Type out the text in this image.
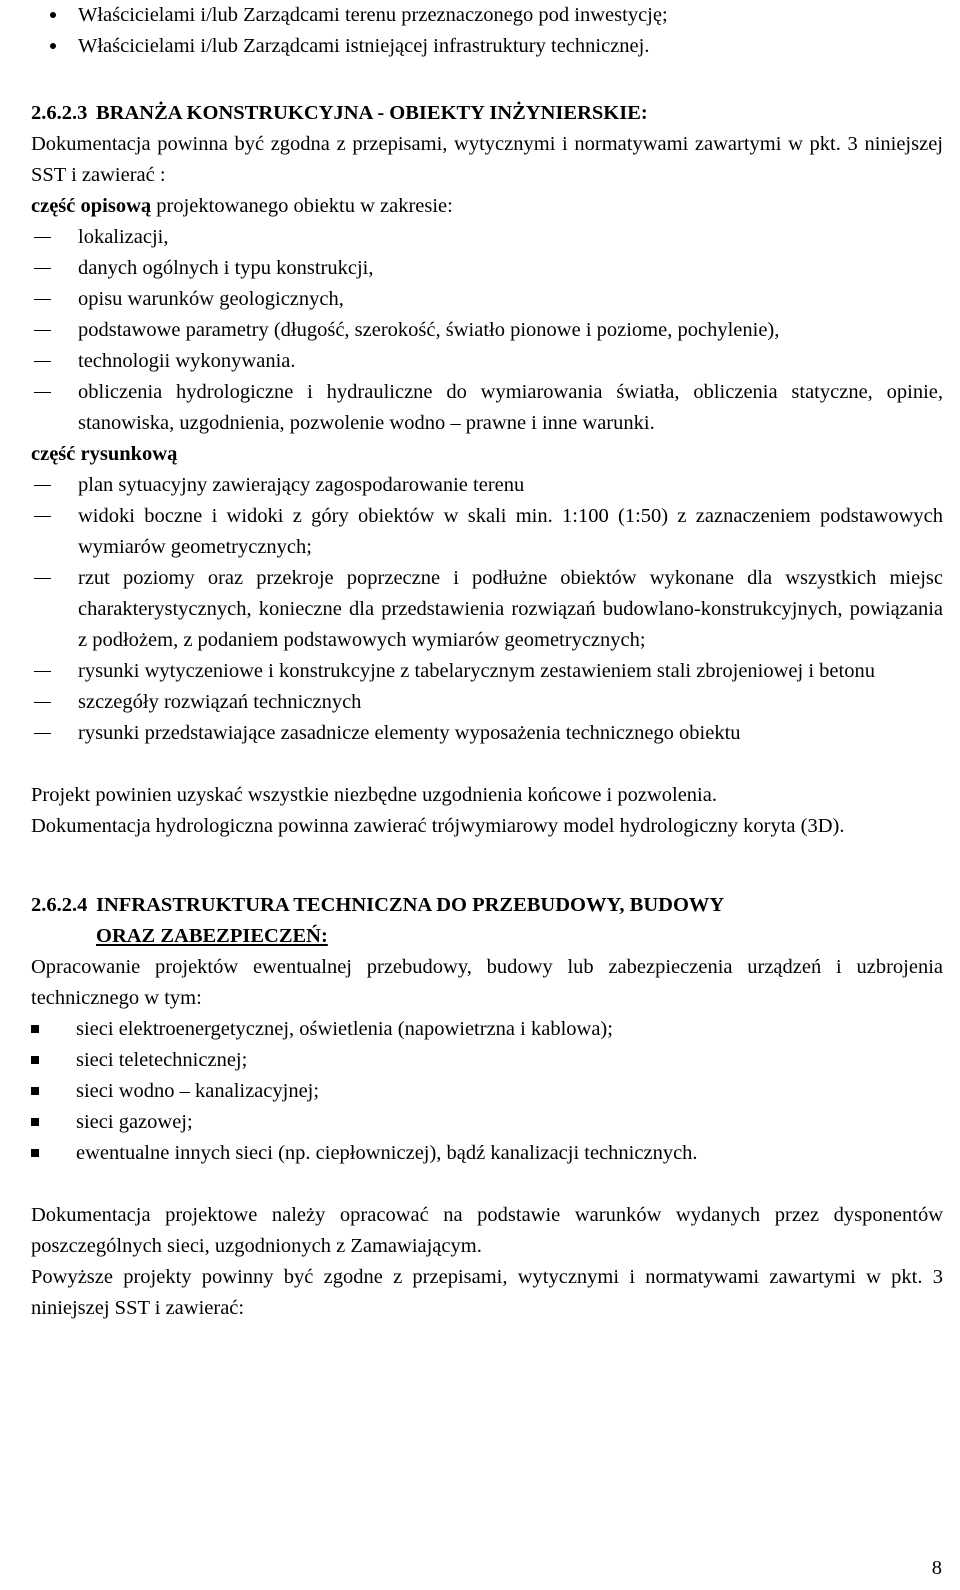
Właścicielami i/lub Zarządcami terenu przeznaczonego pod inwestycję;
Właścicielami i/lub Zarządcami istniejącej infrastruktury technicznej.

2.6.2.3 BRANŻA KONSTRUKCYJNA - OBIEKTY INŻYNIERSKIE:

Dokumentacja powinna być zgodna z przepisami, wytycznymi i normatywami zawartymi w pkt. 3 niniejszej SST i zawierać :

część opisową projektowanego obiektu w zakresie:

lokalizacji,
danych ogólnych i typu konstrukcji,
opisu warunków geologicznych,
podstawowe parametry (długość, szerokość, światło pionowe i poziome, pochylenie),
technologii wykonywania.
obliczenia hydrologiczne i hydrauliczne do wymiarowania światła, obliczenia statyczne, opinie, stanowiska, uzgodnienia, pozwolenie wodno – prawne i inne warunki.

część rysunkową

plan sytuacyjny zawierający zagospodarowanie terenu
widoki boczne i widoki z góry obiektów w skali min. 1:100 (1:50) z zaznaczeniem podstawowych wymiarów geometrycznych;
rzut poziomy oraz przekroje poprzeczne i podłużne obiektów wykonane dla wszystkich miejsc charakterystycznych, konieczne dla przedstawienia rozwiązań budowlano-konstrukcyjnych, powiązania z podłożem, z podaniem podstawowych wymiarów geometrycznych;
rysunki wytyczeniowe i konstrukcyjne z tabelarycznym zestawieniem stali zbrojeniowej i betonu
szczegóły rozwiązań technicznych
rysunki przedstawiające zasadnicze elementy wyposażenia technicznego obiektu

Projekt powinien uzyskać wszystkie niezbędne uzgodnienia końcowe i pozwolenia.

Dokumentacja hydrologiczna powinna zawierać trójwymiarowy model hydrologiczny koryta (3D).

2.6.2.4 INFRASTRUKTURA TECHNICZNA DO PRZEBUDOWY, BUDOWY

ORAZ ZABEZPIECZEŃ:

Opracowanie projektów ewentualnej przebudowy, budowy lub zabezpieczenia urządzeń i uzbrojenia technicznego w tym:

sieci elektroenergetycznej, oświetlenia (napowietrzna i kablowa);
sieci teletechnicznej;
sieci wodno – kanalizacyjnej;
sieci gazowej;
ewentualne innych sieci (np. ciepłowniczej), bądź kanalizacji technicznych.

Dokumentacja projektowe należy opracować na podstawie warunków wydanych przez dysponentów poszczególnych sieci, uzgodnionych z Zamawiającym.

Powyższe projekty powinny być zgodne z przepisami, wytycznymi i normatywami zawartymi w pkt. 3 niniejszej SST i zawierać:

8
